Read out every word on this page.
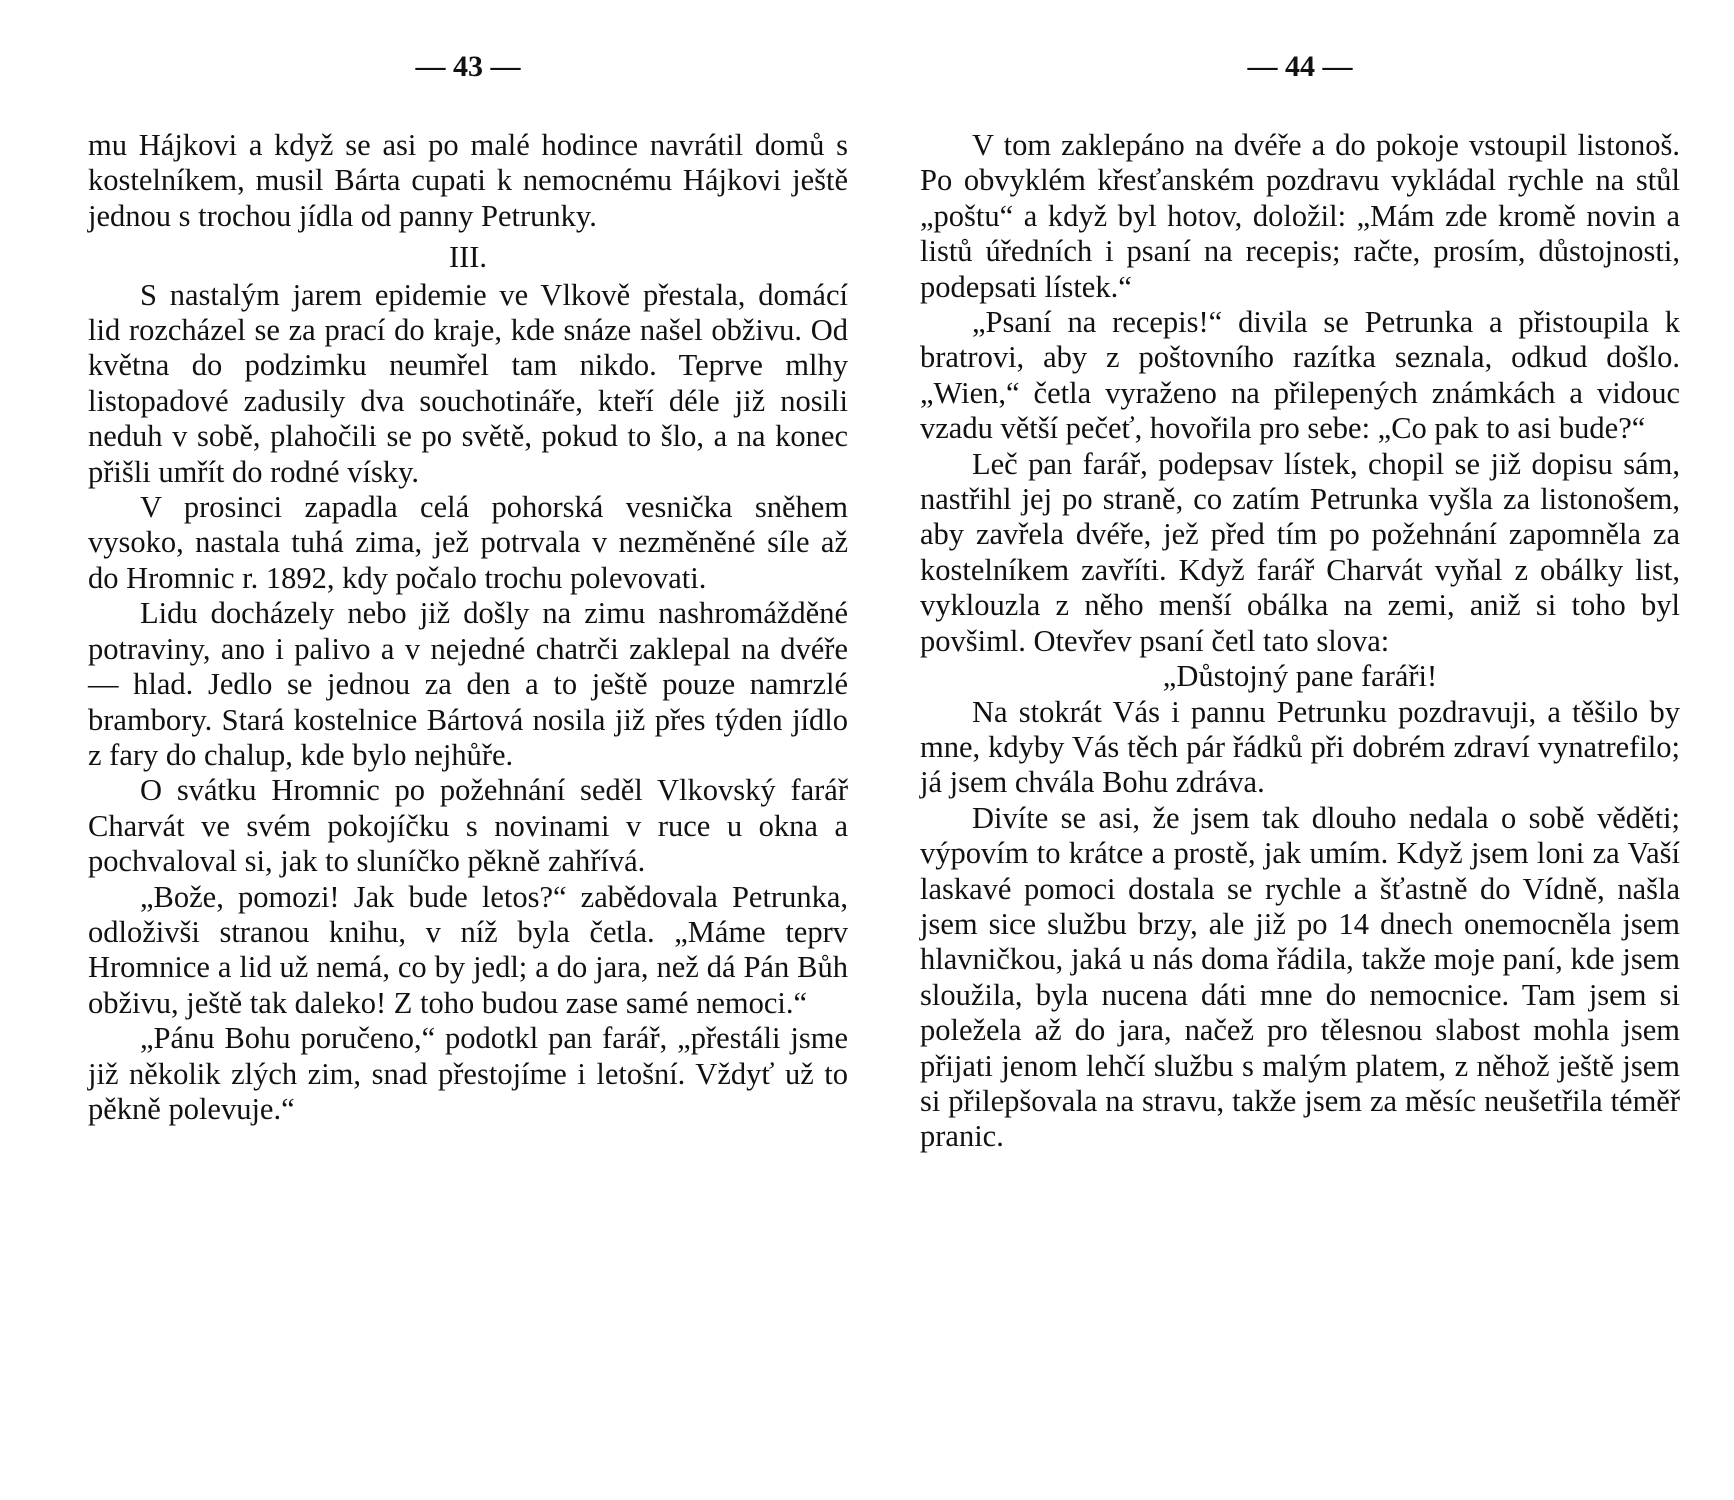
— 43 —

mu Hájkovi a když se asi po malé hodince navrátil domů s kostelníkem, musil Bárta cupati k nemocnému Hájkovi ještě jednou s trochou jídla od panny Petrunky.

III.

S nastalým jarem epidemie ve Vlkově přestala, domácí lid rozcházel se za prací do kraje, kde snáze našel obživu. Od května do podzimku neumřel tam nikdo. Teprve mlhy listopadové zadusily dva souchotináře, kteří déle již nosili neduh v sobě, plahočili se po světě, pokud to šlo, a na konec přišli umřít do rodné vísky.

V prosinci zapadla celá pohorská vesnička sněhem vysoko, nastala tuhá zima, jež potrvala v nezměněné síle až do Hromnic r. 1892, kdy počalo trochu polevovati.

Lidu docházely nebo již došly na zimu nashromážděné potraviny, ano i palivo a v nejedné chatrči zaklepal na dvéře — hlad. Jedlo se jednou za den a to ještě pouze namrzlé brambory. Stará kostelnice Bártová nosila již přes týden jídlo z fary do chalup, kde bylo nejhůře.

O svátku Hromnic po požehnání seděl Vlkovský farář Charvát ve svém pokojíčku s novinami v ruce u okna a pochvaloval si, jak to sluníčko pěkně zahřívá.

„Bože, pomozi! Jak bude letos?“ zabědovala Petrunka, odloživši stranou knihu, v níž byla četla. „Máme teprv Hromnice a lid už nemá, co by jedl; a do jara, než dá Pán Bůh obživu, ještě tak daleko! Z toho budou zase samé nemoci.“

„Pánu Bohu poručeno,“ podotkl pan farář, „přestáli jsme již několik zlých zim, snad přestojíme i letošní. Vždyť už to pěkně polevuje.“

— 44 —

V tom zaklepáno na dvéře a do pokoje vstoupil listonoš. Po obvyklém křesťanském pozdravu vykládal rychle na stůl „poštu“ a když byl hotov, doložil: „Mám zde kromě novin a listů úředních i psaní na recepis; račte, prosím, důstojnosti, podepsati lístek.“

„Psaní na recepis!“ divila se Petrunka a přistoupila k bratrovi, aby z poštovního razítka seznala, odkud došlo. „Wien,“ četla vyraženo na přilepených známkách a vidouc vzadu větší pečeť, hovořila pro sebe: „Co pak to asi bude?“

Leč pan farář, podepsav lístek, chopil se již dopisu sám, nastřihl jej po straně, co zatím Petrunka vyšla za listonošem, aby zavřela dvéře, jež před tím po požehnání zapomněla za kostelníkem zavříti. Když farář Charvát vyňal z obálky list, vyklouzla z něho menší obálka na zemi, aniž si toho byl povšiml. Otevřev psaní četl tato slova:

„Důstojný pane faráři!

Na stokrát Vás i pannu Petrunku pozdravuji, a těšilo by mne, kdyby Vás těch pár řádků při dobrém zdraví vynatrefilo; já jsem chvála Bohu zdráva.

Divíte se asi, že jsem tak dlouho nedala o sobě věděti; výpovím to krátce a prostě, jak umím. Když jsem loni za Vaší laskavé pomoci dostala se rychle a šťastně do Vídně, našla jsem sice službu brzy, ale již po 14 dnech onemocněla jsem hlavničkou, jaká u nás doma řádila, takže moje paní, kde jsem sloužila, byla nucena dáti mne do nemocnice. Tam jsem si poležela až do jara, načež pro tělesnou slabost mohla jsem přijati jenom lehčí službu s malým platem, z něhož ještě jsem si přilepšovala na stravu, takže jsem za měsíc neušetřila téměř pranic.
